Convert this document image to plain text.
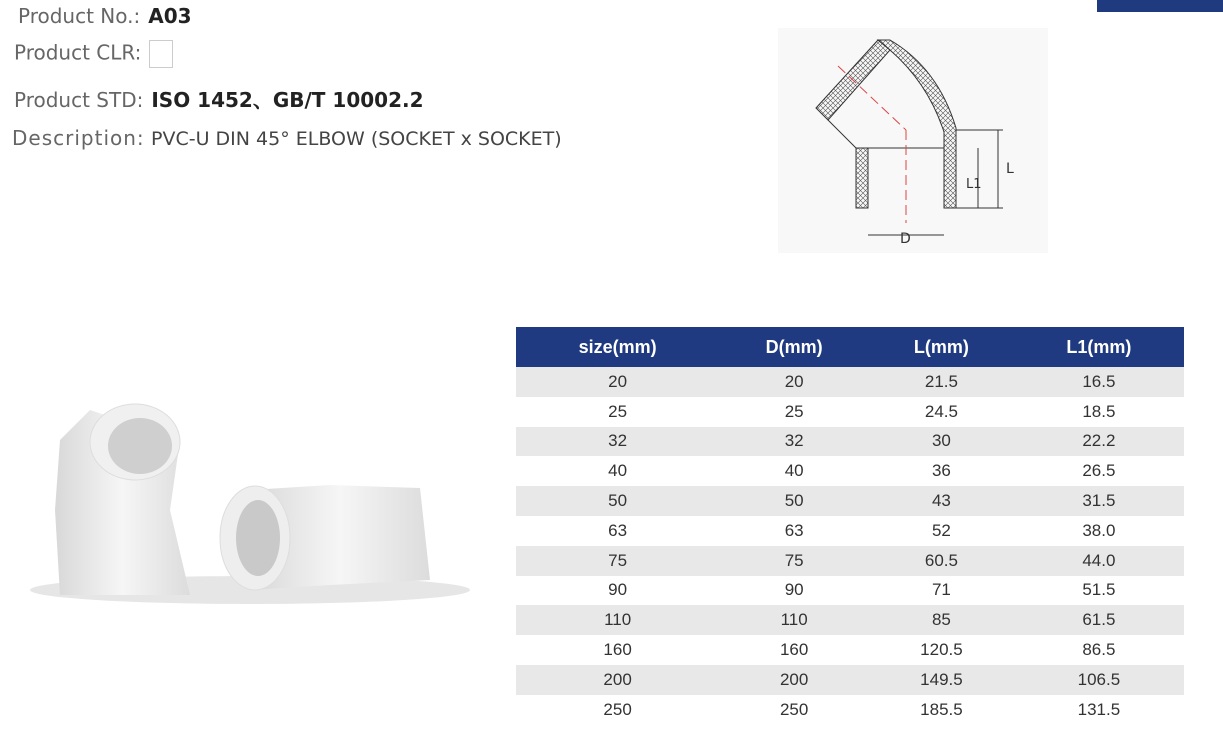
Product No.: A03
Product CLR:
Product STD: ISO 1452、GB/T 10002.2
Description: PVC-U DIN 45° ELBOW (SOCKET x SOCKET)
D
L
L1
size(mm)	D(mm)	L(mm)	L1(mm)
20	20	21.5	16.5
25	25	24.5	18.5
32	32	30	22.2
40	40	36	26.5
50	50	43	31.5
63	63	52	38.0
75	75	60.5	44.0
90	90	71	51.5
110	110	85	61.5
160	160	120.5	86.5
200	200	149.5	106.5
250	250	185.5	131.5
